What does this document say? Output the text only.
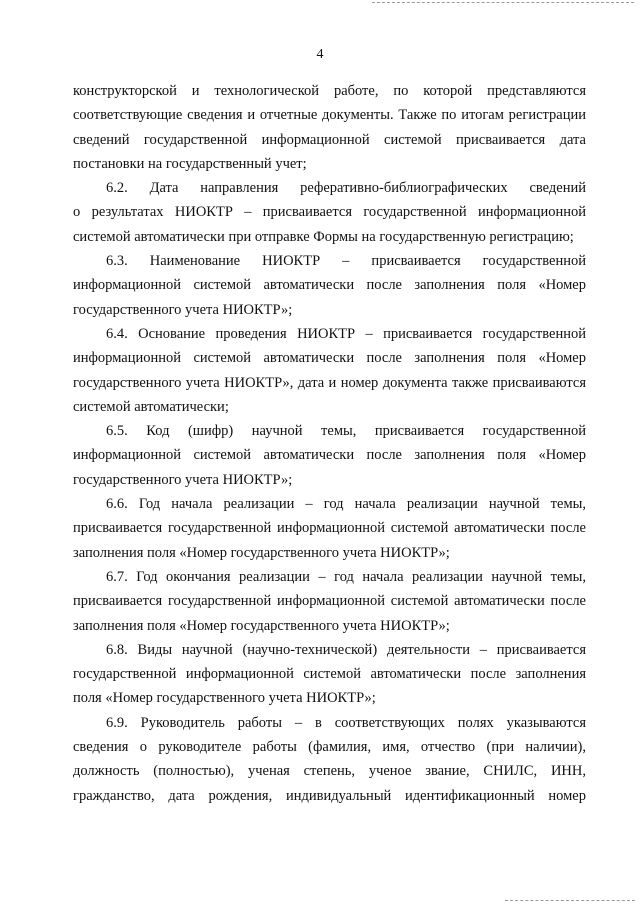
4
конструкторской и технологической работе, по которой представляются
соответствующие сведения и отчетные документы. Также по итогам регистрации
сведений государственной информационной системой присваивается дата
постановки на государственный учет;
6.2. Дата направления реферативно-библиографических сведений
о результатах НИОКТР – присваивается государственной информационной
системой автоматически при отправке Формы на государственную регистрацию;
6.3. Наименование НИОКТР – присваивается государственной
информационной системой автоматически после заполнения поля «Номер
государственного учета НИОКТР»;
6.4. Основание проведения НИОКТР – присваивается государственной
информационной системой автоматически после заполнения поля «Номер
государственного учета НИОКТР», дата и номер документа также присваиваются
системой автоматически;
6.5. Код (шифр) научной темы, присваивается государственной
информационной системой автоматически после заполнения поля «Номер
государственного учета НИОКТР»;
6.6. Год начала реализации – год начала реализации научной темы,
присваивается государственной информационной системой автоматически после
заполнения поля «Номер государственного учета НИОКТР»;
6.7. Год окончания реализации – год начала реализации научной темы,
присваивается государственной информационной системой автоматически после
заполнения поля «Номер государственного учета НИОКТР»;
6.8. Виды научной (научно-технической) деятельности – присваивается
государственной информационной системой автоматически после заполнения
поля «Номер государственного учета НИОКТР»;
6.9. Руководитель работы – в соответствующих полях указываются
сведения о руководителе работы (фамилия, имя, отчество (при наличии),
должность (полностью), ученая степень, ученое звание, СНИЛС, ИНН,
гражданство, дата рождения, индивидуальный идентификационный номер
